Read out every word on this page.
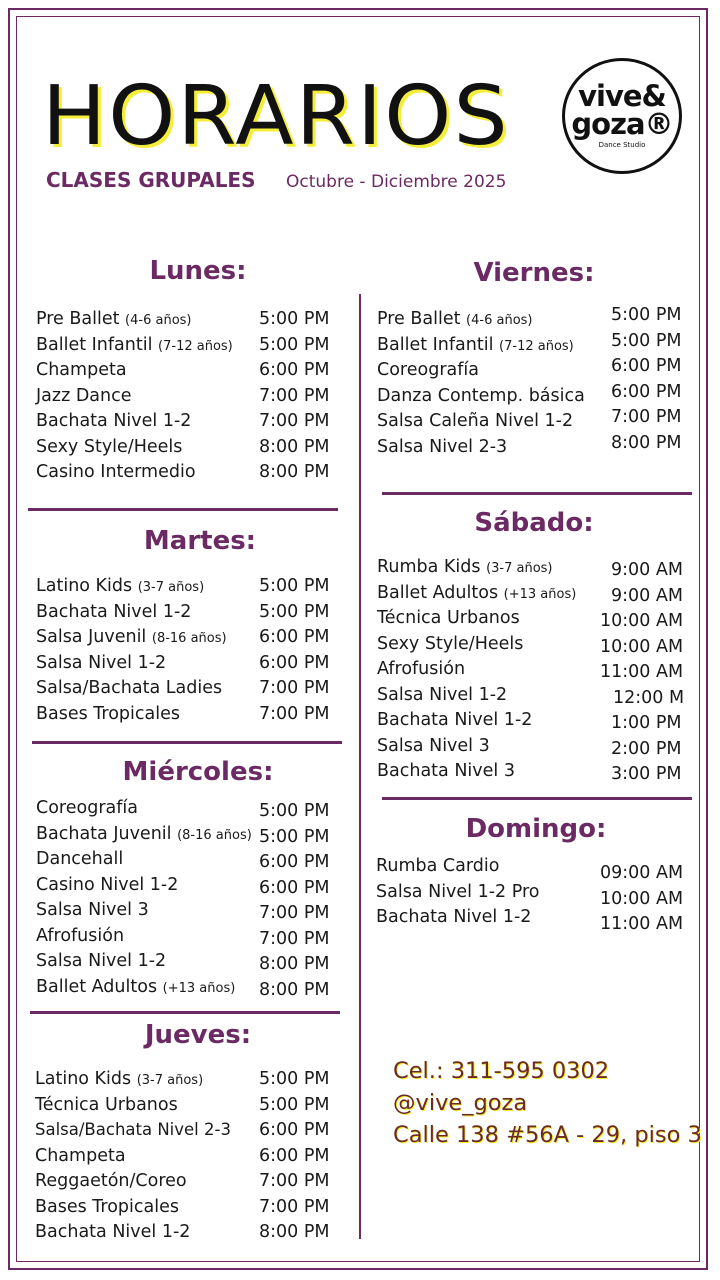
HORARIOS
CLASES GRUPALES Octubre - Diciembre 2025
vive&
goza®
Dance Studio
Lunes:
Pre Ballet (4-6 años)	5:00 PM
Ballet Infantil (7-12 años) 5:00 PM
Champeta	6:00 PM
Jazz Dance	7:00 PM
Bachata Nivel 1-2	7:00 PM
Sexy Style/Heels	8:00 PM
Casino Intermedio	8:00 PM
Martes:
Latino Kids (3-7 años)	5:00 PM
Bachata Nivel 1-2	5:00 PM
Salsa Juvenil (8-16 años) 6:00 PM
Salsa Nivel 1-2	6:00 PM
Salsa/Bachata Ladies 7:00 PM
Bases Tropicales	7:00 PM
Miércoles:
Coreografía	5:00 PM
Bachata Juvenil (8-16 años) 5:00 PM
Dancehall	6:00 PM
Casino Nivel 1-2	6:00 PM
Salsa Nivel 3	7:00 PM
Afrofusión	7:00 PM
Salsa Nivel 1-2	8:00 PM
Ballet Adultos (+13 años) 8:00 PM
Jueves:
Latino Kids (3-7 años)	5:00 PM
Técnica Urbanos	5:00 PM
Salsa/Bachata Nivel 2-3 6:00 PM
Champeta	6:00 PM
Reggaetón/Coreo	7:00 PM
Bases Tropicales	7:00 PM
Bachata Nivel 1-2	8:00 PM
Viernes:
Pre Ballet (4-6 años)	5:00 PM
Ballet Infantil (7-12 años) 5:00 PM
Coreografía	6:00 PM
Danza Contemp. básica 6:00 PM
Salsa Caleña Nivel 1-2 7:00 PM
Salsa Nivel 2-3	8:00 PM
Sábado:
Rumba Kids (3-7 años)	9:00 AM
Ballet Adultos (+13 años) 9:00 AM
Técnica Urbanos	10:00 AM
Sexy Style/Heels	10:00 AM
Afrofusión	11:00 AM
Salsa Nivel 1-2	12:00 M
Bachata Nivel 1-2	1:00 PM
Salsa Nivel 3	2:00 PM
Bachata Nivel 3	3:00 PM
Domingo:
Rumba Cardio	09:00 AM
Salsa Nivel 1-2 Pro	10:00 AM
Bachata Nivel 1-2	11:00 AM
Cel.: 311-595 0302
@vive_goza
Calle 138 #56A - 29, piso 3
